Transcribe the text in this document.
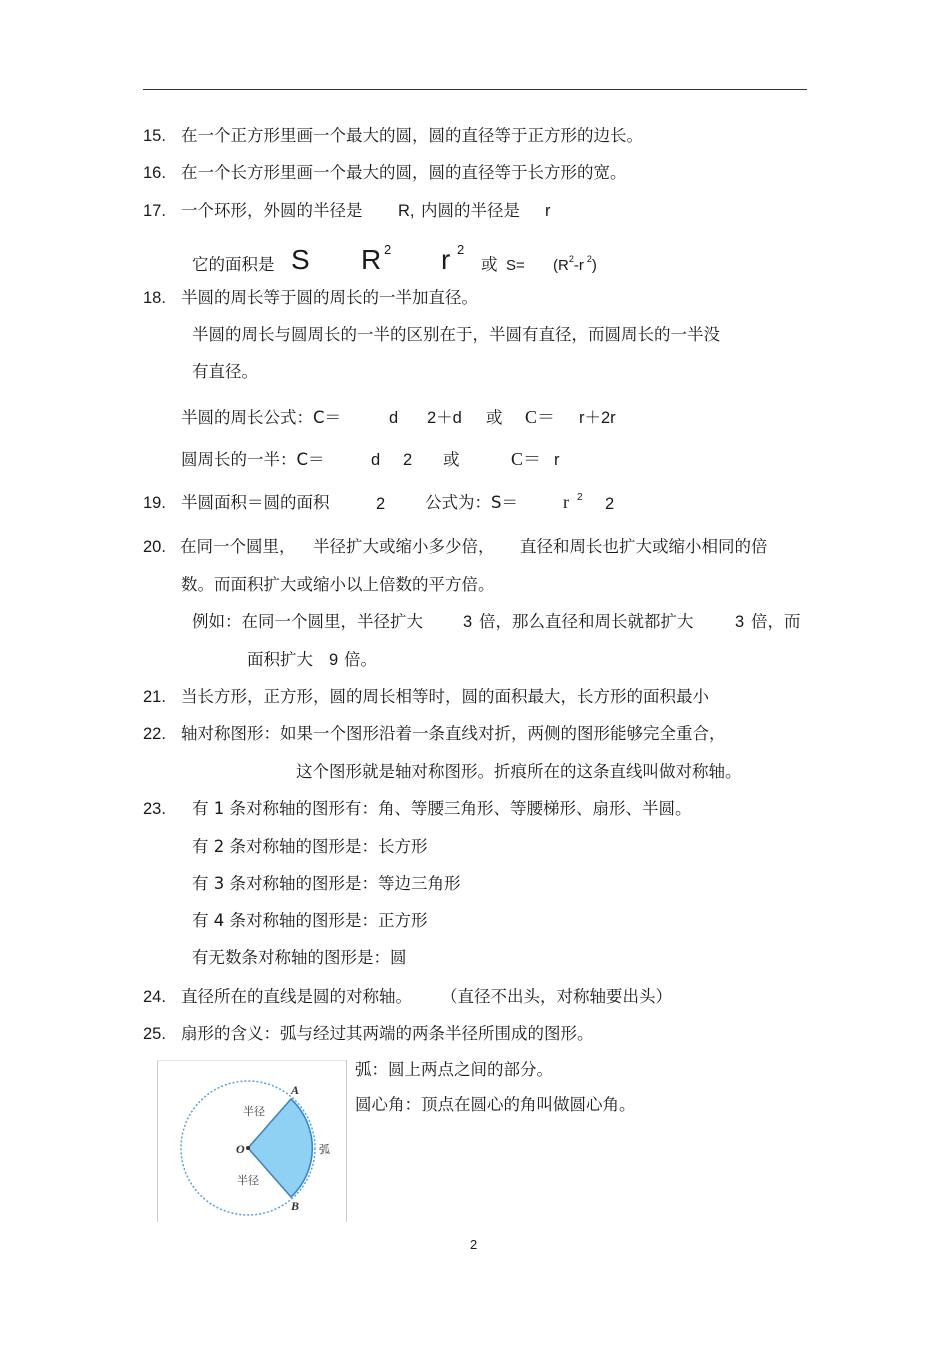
15. 在一个正方形里画一个最大的圆，圆的直径等于正方形的边长。
16. 在一个长方形里画一个最大的圆，圆的直径等于长方形的宽。
17. 一个环形，外圆的半径是 R, 内圆的半径是 r
它的面积是 S R 2 r 2
或 $S= (R^2-r$ $^2$)
18. 半圆的周长等于圆的周长的一半加直径。
半圆的周长与圆周长的一半的区别在于，半圆有直径，而圆周长的一半没
有直径。
半圆的周长公式：C＝	d 2＋d 或 C＝ r＋2r
圆周长的一半：C＝	d 2 或	C＝ r
19. 半圆面积＝圆的面积	2 公式为：S＝	r 2 2
20. 在同一个圆里， 半径扩大或缩小多少倍， 直径和周长也扩大或缩小相同的倍
数。而面积扩大或缩小以上倍数的平方倍。
例如：在同一个圆里，半径扩大 3 倍，那么直径和周长就都扩大	3 倍，而
面积扩大 9 倍。
21. 当长方形，正方形，圆的周长相等时，圆的面积最大，长方形的面积最小
22. 轴对称图形：如果一个图形沿着一条直线对折，两侧的图形能够完全重合，
这个图形就是轴对称图形。折痕所在的这条直线叫做对称轴。
23. 有 1 条对称轴的图形有：角、等腰三角形、等腰梯形、扇形、半圆。
有 2 条对称轴的图形是：长方形
有 3 条对称轴的图形是：等边三角形
有 4 条对称轴的图形是：正方形
有无数条对称轴的图形是：圆
24. 直径所在的直线是圆的对称轴。 （直径不出头，对称轴要出头）
25. 扇形的含义：弧与经过其两端的两条半径所围成的图形。
弧：圆上两点之间的部分。
圆心角：顶点在圆心的角叫做圆心角。
O
A
B
半径
半径
弧
2
